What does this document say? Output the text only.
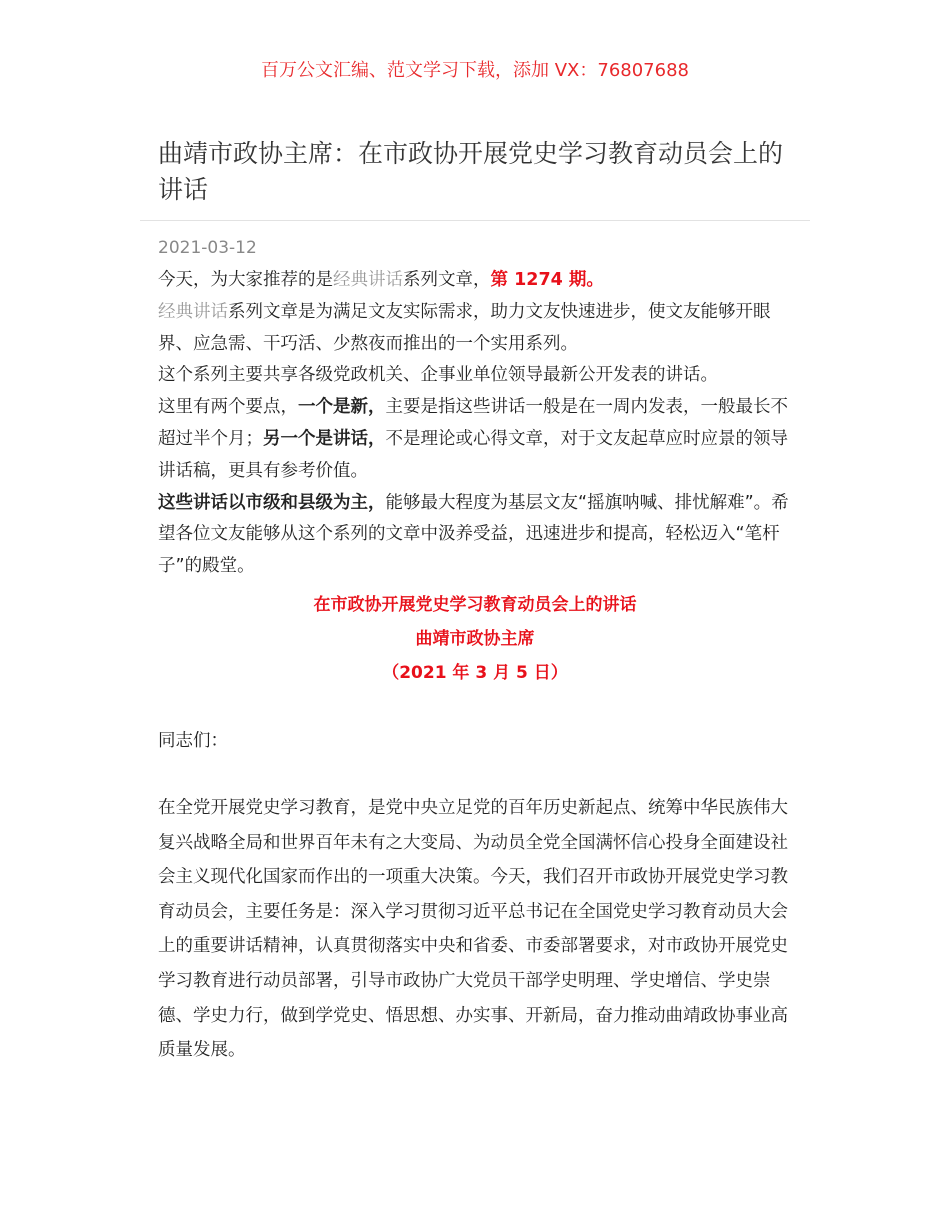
百万公文汇编、范文学习下载，添加 VX：76807688
曲靖市政协主席：在市政协开展党史学习教育动员会上的讲话
2021-03-12

今天，为大家推荐的是经典讲话系列文章，第 1274 期。

经典讲话系列文章是为满足文友实际需求，助力文友快速进步，使文友能够开眼界、应急需、干巧活、少熬夜而推出的一个实用系列。

这个系列主要共享各级党政机关、企事业单位领导最新公开发表的讲话。

这里有两个要点，一个是新，主要是指这些讲话一般是在一周内发表，一般最长不超过半个月；另一个是讲话，不是理论或心得文章，对于文友起草应时应景的领导讲话稿，更具有参考价值。

这些讲话以市级和县级为主，能够最大程度为基层文友“摇旗呐喊、排忧解难”。希望各位文友能够从这个系列的文章中汲养受益，迅速进步和提高，轻松迈入“笔杆子”的殿堂。

在市政协开展党史学习教育动员会上的讲话
曲靖市政协主席
（2021 年 3 月 5 日）
同志们：

在全党开展党史学习教育，是党中央立足党的百年历史新起点、统筹中华民族伟大复兴战略全局和世界百年未有之大变局、为动员全党全国满怀信心投身全面建设社会主义现代化国家而作出的一项重大决策。今天，我们召开市政协开展党史学习教育动员会，主要任务是：深入学习贯彻习近平总书记在全国党史学习教育动员大会上的重要讲话精神，认真贯彻落实中央和省委、市委部署要求，对市政协开展党史学习教育进行动员部署，引导市政协广大党员干部学史明理、学史增信、学史崇德、学史力行，做到学党史、悟思想、办实事、开新局，奋力推动曲靖政协事业高质量发展。
